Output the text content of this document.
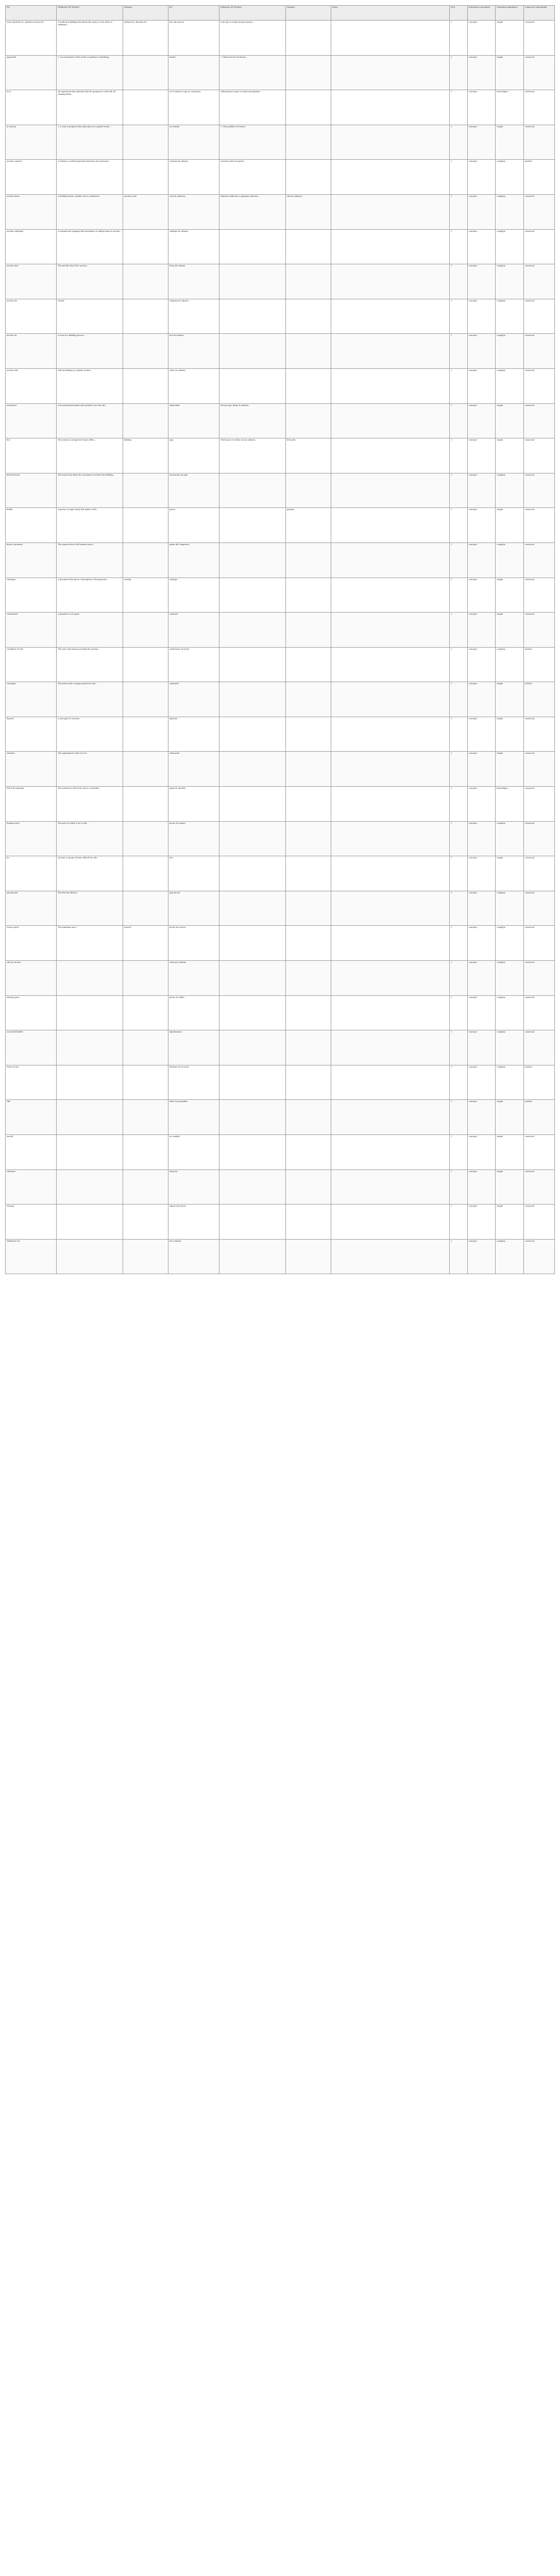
EN	Definición_EN (fuente)	Variante	ES	Definición_ES (fuente)	Variante	Notas	Frec.	Naturaleza conceptual	Naturaleza lingüística	Campo de especialidad
(non) absolute lot / absolute auction lot	A method of bidding that allows the owner or the seller to withdraw...	without lot; absolute lot	lote sin reserva	Lote que se vende al mejor postor...			1	concepto	simple	comercial
appraised	1. An assessment of the worth or quality of something...		tasado	1. Valoración de los bienes...			1	concepto	simple	comercial
as is	An expression that indicates that the property is sold with all existing faults...		en el estado en que se encuentra	Cláusula por la que se vende sin garantía...			1	concepto	fraseológica	comercial
at auction	1. A sale of property that takes place in a public forum...		en subasta	1. Venta pública de bienes...			1	concepto	simple	comercial
auction contract	A written or verbal agreement between an auctioneer...		contrato de subasta	Acuerdo entre las partes...			1	concepto	compleja	jurídico
auction house	A building where a public sale is conducted...	auction room	casa de subastas	Empresa dedicada a organizar subastas...	sala de subastas		1	concepto	compleja	comercial
auction catalogue	A commercial company that specialises in selling items at auction...		catálogo de subasta				1	concepto	compleja	comercial
auction date	The specific day of the auction...		fecha de subasta				1	concepto	compleja	comercial
auction fee	Overly...		comisión de subasta				1	concepto	compleja	comercial
auction lot	A term in a bidding process...		lote de subasta				1	concepto	compleja	comercial
auction sale	Sale by bidding at a public auction...		venta en subasta				1	concepto	compleja	comercial
auctioneer	A licensed professional who presides over the sale...		subastador	Persona que dirige la subasta...			1	concepto	simple	comercial
bid	The amount a prospective buyer offers...	bidding	puja	Oferta que se realiza en una subasta...	licitación		1	concepto	simple	comercial
bid increment	The amount by which the auctioneer increases the bidding...		incremento de puja				1	concepto	compleja	comercial
bidder	A person or legal entity that makes a bid...		postor		pujador		1	concepto	simple	comercial
buyer's premium	The amount above the hammer price...		prima del comprador				1	concepto	compleja	comercial
catalogue	A document that gives a description of the property...	catalog	catálogo				1	concepto	simple	comercial
commission	A payment to an agent...		comisión				1	concepto	simple	comercial
conditions of sale	The rules and terms governing the auction...		condiciones de venta				1	concepto	compleja	jurídico
consignor	The person who consigns goods for sale...		comitente				1	concepto	simple	jurídico
deposit	A sum paid as security...		depósito				1	concepto	simple	comercial
estimate	The approximate value of a lot...		estimación				1	concepto	simple	comercial
fall of the hammer	The moment at which the sale is concluded...		golpe de martillo				1	concepto	fraseológica	comercial
hammer price	The price at which a lot is sold...		precio de remate				1	concepto	compleja	comercial
lot	An item or group of items offered for sale...		lote				1	concepto	simple	comercial
opening bid	The first bid offered...		puja inicial				1	concepto	compleja	comercial
reserve price	The minimum price...	reserve	precio de reserva				1	concepto	compleja	comercial
sale by auction			venta por subasta				1	concepto	compleja	comercial
starting price			precio de salida				1	concepto	compleja	comercial
successful bidder			adjudicatario				1	concepto	compleja	comercial
terms of sale			términos de la venta				1	concepto	compleja	jurídico
title			título de propiedad				1	concepto	simple	jurídico
unsold			no vendido				1	concepto	simple	comercial
valuation			tasación				1	concepto	simple	comercial
viewing			exposición previa				1	concepto	simple	comercial
withdrawn lot			lote retirado				1	concepto	compleja	comercial
